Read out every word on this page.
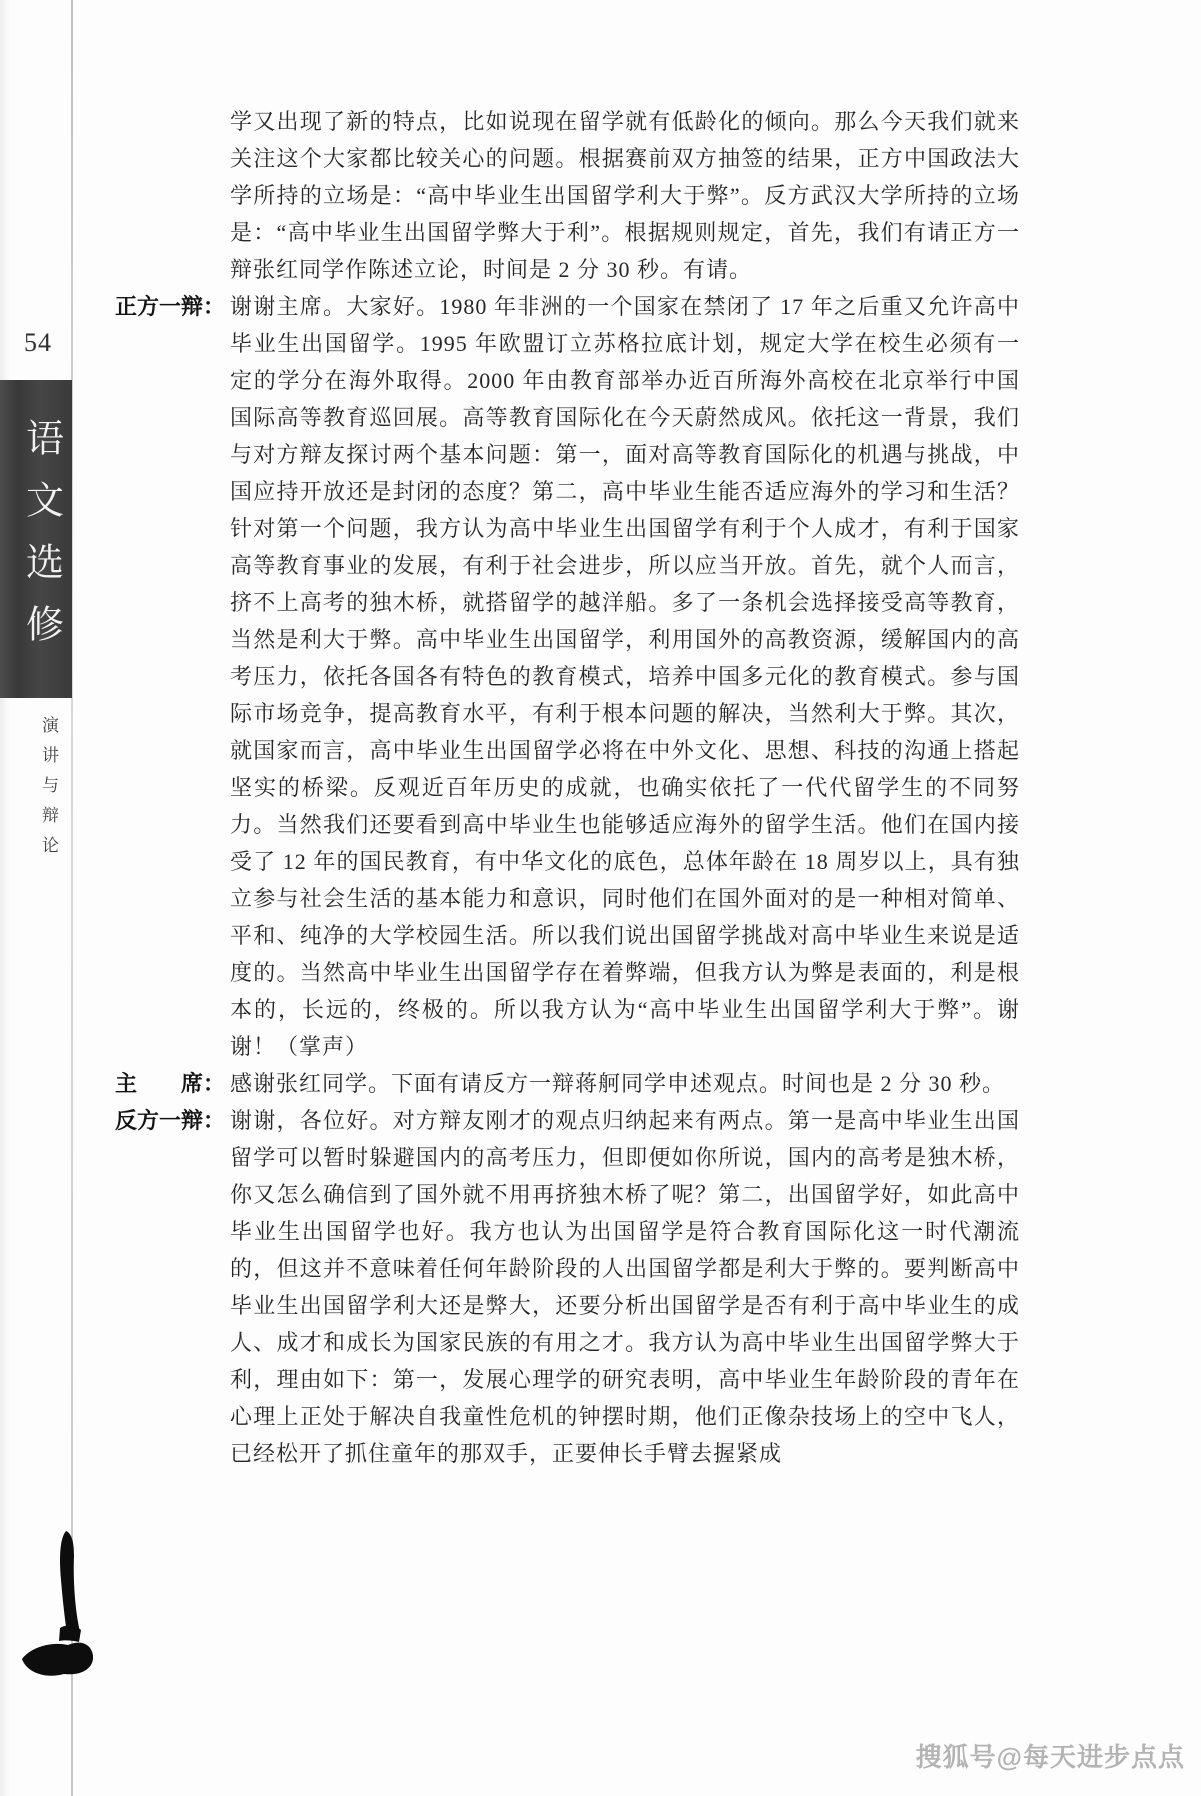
54
语文选修
演讲与辩论

学又出现了新的特点，比如说现在留学就有低龄化的倾向。那么今天我们就来关注这个大家都比较关心的问题。根据赛前双方抽签的结果，正方中国政法大学所持的立场是：“高中毕业生出国留学利大于弊”。反方武汉大学所持的立场是：“高中毕业生出国留学弊大于利”。根据规则规定，首先，我们有请正方一辩张红同学作陈述立论，时间是 2 分 30 秒。有请。

正方一辩： 谢谢主席。大家好。1980 年非洲的一个国家在禁闭了 17 年之后重又允许高中毕业生出国留学。1995 年欧盟订立苏格拉底计划，规定大学在校生必须有一定的学分在海外取得。2000 年由教育部举办近百所海外高校在北京举行中国国际高等教育巡回展。高等教育国际化在今天蔚然成风。依托这一背景，我们与对方辩友探讨两个基本问题：第一，面对高等教育国际化的机遇与挑战，中国应持开放还是封闭的态度？第二，高中毕业生能否适应海外的学习和生活？针对第一个问题，我方认为高中毕业生出国留学有利于个人成才，有利于国家高等教育事业的发展，有利于社会进步，所以应当开放。首先，就个人而言，挤不上高考的独木桥，就搭留学的越洋船。多了一条机会选择接受高等教育，当然是利大于弊。高中毕业生出国留学，利用国外的高教资源，缓解国内的高考压力，依托各国各有特色的教育模式，培养中国多元化的教育模式。参与国际市场竞争，提高教育水平，有利于根本问题的解决，当然利大于弊。其次，就国家而言，高中毕业生出国留学必将在中外文化、思想、科技的沟通上搭起坚实的桥梁。反观近百年历史的成就，也确实依托了一代代留学生的不同努力。当然我们还要看到高中毕业生也能够适应海外的留学生活。他们在国内接受了 12 年的国民教育，有中华文化的底色，总体年龄在 18 周岁以上，具有独立参与社会生活的基本能力和意识，同时他们在国外面对的是一种相对简单、平和、纯净的大学校园生活。所以我们说出国留学挑战对高中毕业生来说是适度的。当然高中毕业生出国留学存在着弊端，但我方认为弊是表面的，利是根本的，长远的，终极的。所以我方认为“高中毕业生出国留学利大于弊”。谢谢！（掌声）

主　　席： 感谢张红同学。下面有请反方一辩蒋舸同学申述观点。时间也是 2 分 30 秒。

反方一辩： 谢谢，各位好。对方辩友刚才的观点归纳起来有两点。第一是高中毕业生出国留学可以暂时躲避国内的高考压力，但即便如你所说，国内的高考是独木桥，你又怎么确信到了国外就不用再挤独木桥了呢？第二，出国留学好，如此高中毕业生出国留学也好。我方也认为出国留学是符合教育国际化这一时代潮流的，但这并不意味着任何年龄阶段的人出国留学都是利大于弊的。要判断高中毕业生出国留学利大还是弊大，还要分析出国留学是否有利于高中毕业生的成人、成才和成长为国家民族的有用之才。我方认为高中毕业生出国留学弊大于利，理由如下：第一，发展心理学的研究表明，高中毕业生年龄阶段的青年在心理上正处于解决自我童性危机的钟摆时期，他们正像杂技场上的空中飞人，已经松开了抓住童年的那双手，正要伸长手臂去握紧成

搜狐号@每天进步点点
